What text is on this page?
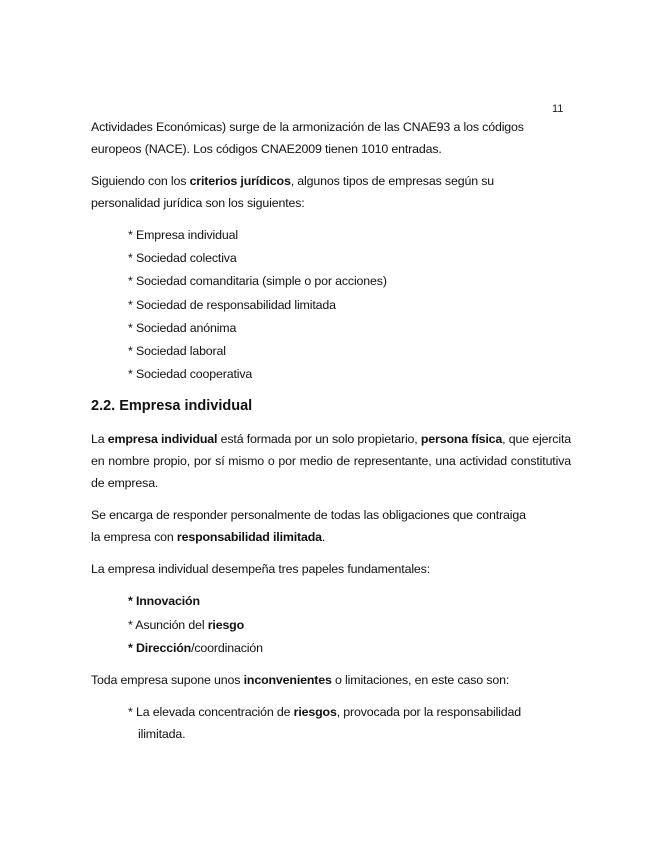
11

Actividades Económicas) surge de la armonización de las CNAE93 a los códigos
europeos (NACE). Los códigos CNAE2009 tienen 1010 entradas.

Siguiendo con los criterios jurídicos, algunos tipos de empresas según su
personalidad jurídica son los siguientes:

* Empresa individual
* Sociedad colectiva
* Sociedad comanditaria (simple o por acciones)
* Sociedad de responsabilidad limitada
* Sociedad anónima
* Sociedad laboral
* Sociedad cooperativa
2.2. Empresa individual

La empresa individual está formada por un solo propietario, persona física, que ejercita en nombre propio, por sí mismo o por medio de representante, una actividad constitutiva de empresa.

Se encarga de responder personalmente de todas las obligaciones que contraiga
la empresa con responsabilidad ilimitada.

La empresa individual desempeña tres papeles fundamentales:

* Innovación
* Asunción del riesgo
* Dirección/coordinación

Toda empresa supone unos inconvenientes o limitaciones, en este caso son:

* La elevada concentración de riesgos, provocada por la responsabilidad
ilimitada.
